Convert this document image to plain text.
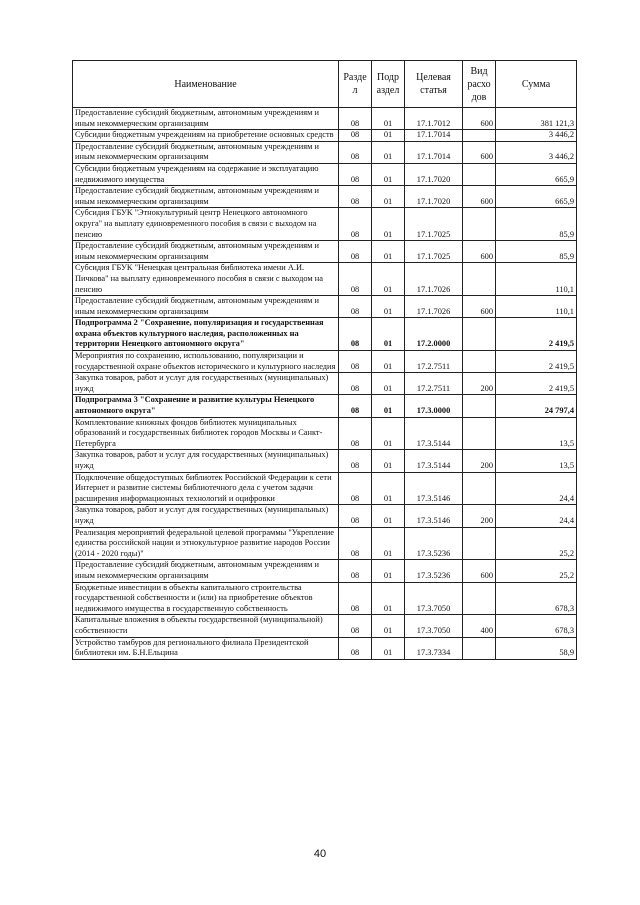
Наименование	Разде л	Подр аздел	Целевая статья	Вид расхо дов	Сумма
Предоставление субсидий бюджетным, автономным учреждениям и иным некоммерческим организациям	08	01	17.1.7012	600	381 121,3
Субсидии бюджетным учреждениям на приобретение основных средств	08	01	17.1.7014		3 446,2
Предоставление субсидий бюджетным, автономным учреждениям и иным некоммерческим организациям	08	01	17.1.7014	600	3 446,2
Субсидии бюджетным учреждениям на содержание и эксплуатацию недвижимого имущества	08	01	17.1.7020		665,9
Предоставление субсидий бюджетным, автономным учреждениям и иным некоммерческим организациям	08	01	17.1.7020	600	665,9
Субсидия ГБУК "Этнокультурный центр Ненецкого автономного округа" на выплату единовременного пособия в связи с выходом на пенсию	08	01	17.1.7025		85,9
Предоставление субсидий бюджетным, автономным учреждениям и иным некоммерческим организациям	08	01	17.1.7025	600	85,9
Субсидия ГБУК "Ненецкая центральная библиотека имени А.И. Пичкова" на выплату единовременного пособия в связи с выходом на пенсию	08	01	17.1.7026		110,1
Предоставление субсидий бюджетным, автономным учреждениям и иным некоммерческим организациям	08	01	17.1.7026	600	110,1
Подпрограмма 2 "Сохранение, популяризация и государственная охрана объектов культурного наследия, расположенных на территории Ненецкого автономного округа"	08	01	17.2.0000		2 419,5
Мероприятия по сохранению, использованию, популяризации и государственной охране объектов исторического и культурного наследия	08	01	17.2.7511		2 419,5
Закупка товаров, работ и услуг для государственных (муниципальных) нужд	08	01	17.2.7511	200	2 419,5
Подпрограмма 3 "Сохранение и развитие культуры Ненецкого автономного округа"	08	01	17.3.0000		24 797,4
Комплектование книжных фондов библиотек муниципальных образований и государственных библиотек городов Москвы и Санкт-Петербурга	08	01	17.3.5144		13,5
Закупка товаров, работ и услуг для государственных (муниципальных) нужд	08	01	17.3.5144	200	13,5
Подключение общедоступных библиотек Российской Федерации к сети Интернет и развитие системы библиотечного дела с учетом задачи расширения информационных технологий и оцифровки	08	01	17.3.5146		24,4
Закупка товаров, работ и услуг для государственных (муниципальных) нужд	08	01	17.3.5146	200	24,4
Реализация мероприятий федеральной целевой программы "Укрепление единства российской нации и этнокультурное развитие народов России (2014 - 2020 годы)"	08	01	17.3.5236		25,2
Предоставление субсидий бюджетным, автономным учреждениям и иным некоммерческим организациям	08	01	17.3.5236	600	25,2
Бюджетные инвестиции в объекты капитального строительства государственной собственности и (или) на приобретение объектов недвижимого имущества в государственную собственность	08	01	17.3.7050		678,3
Капитальные вложения в объекты государственной (муниципальной) собственности	08	01	17.3.7050	400	678,3
Устройство тамбуров для регионального филиала Президентской библиотеки им. Б.Н.Ельцина	08	01	17.3.7334		58,9
40
